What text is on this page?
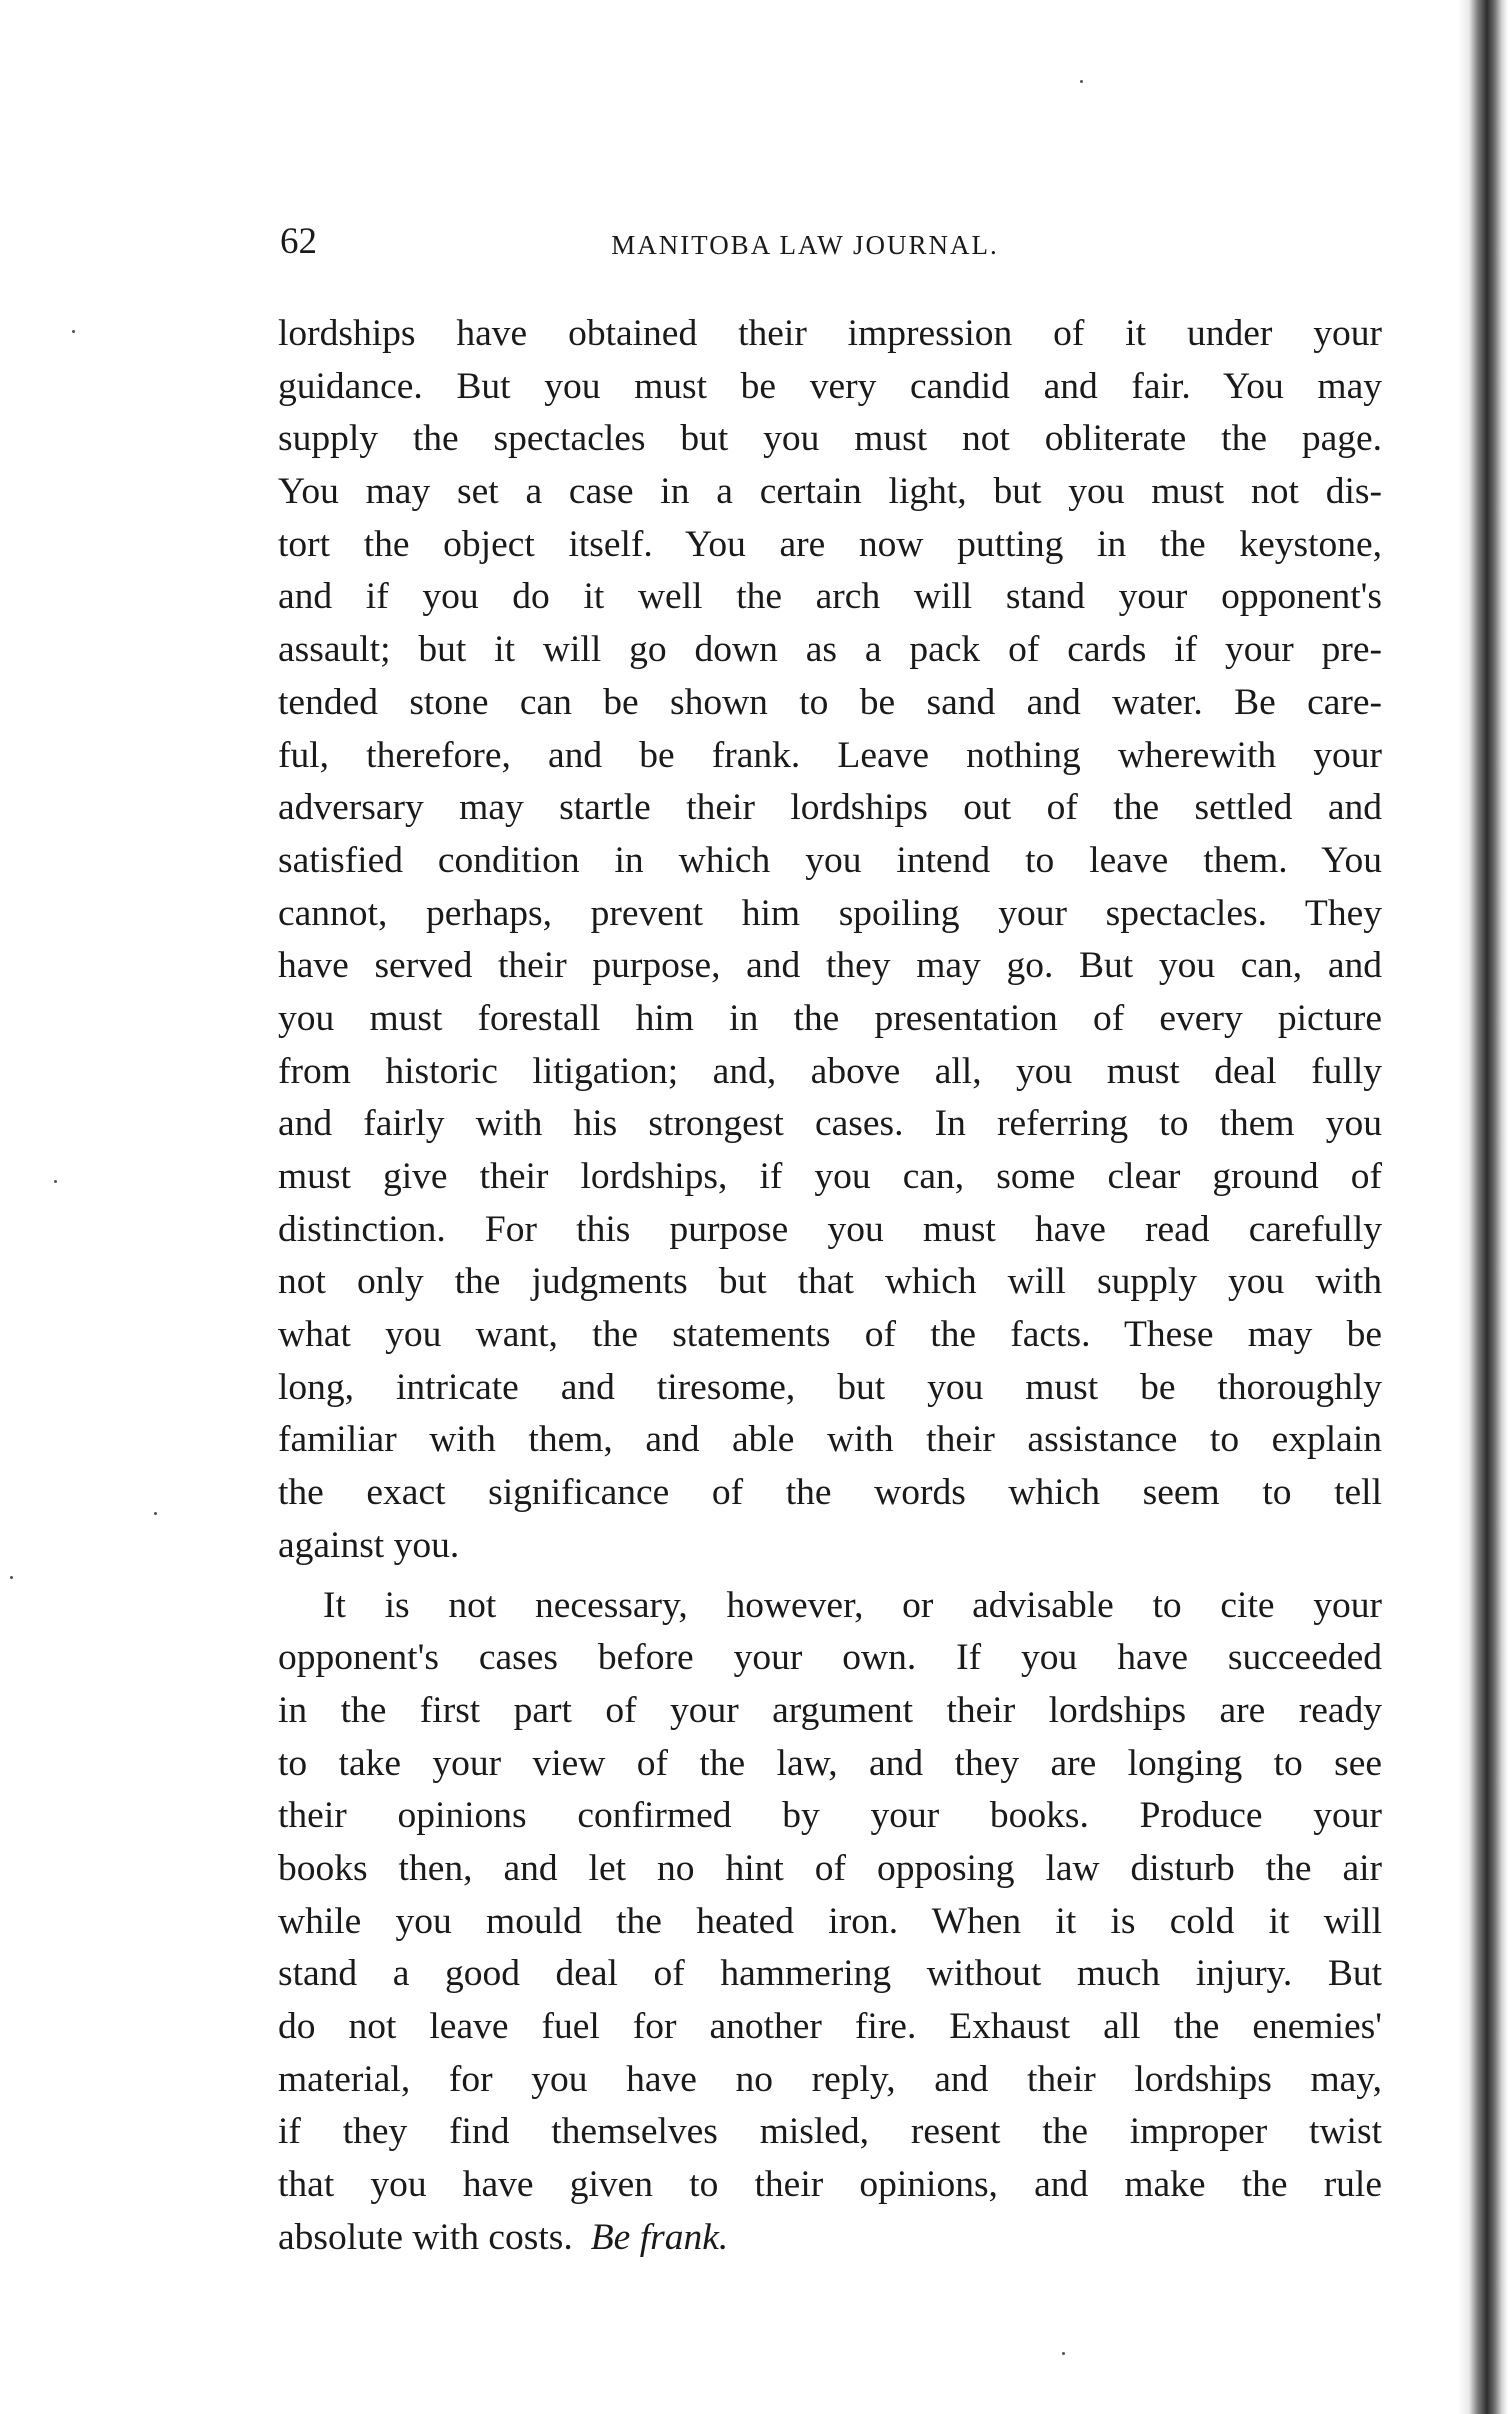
62	MANITOBA LAW JOURNAL.
lordships have obtained their impression of it under your
guidance. But you must be very candid and fair. You may
supply the spectacles but you must not obliterate the page.
You may set a case in a certain light, but you must not dis-
tort the object itself. You are now putting in the keystone,
and if you do it well the arch will stand your opponent's
assault; but it will go down as a pack of cards if your pre-
tended stone can be shown to be sand and water. Be care-
ful, therefore, and be frank. Leave nothing wherewith your
adversary may startle their lordships out of the settled and
satisfied condition in which you intend to leave them. You
cannot, perhaps, prevent him spoiling your spectacles. They
have served their purpose, and they may go. But you can, and
you must forestall him in the presentation of every picture
from historic litigation; and, above all, you must deal fully
and fairly with his strongest cases. In referring to them you
must give their lordships, if you can, some clear ground of
distinction. For this purpose you must have read carefully
not only the judgments but that which will supply you with
what you want, the statements of the facts. These may be
long, intricate and tiresome, but you must be thoroughly
familiar with them, and able with their assistance to explain
the exact significance of the words which seem to tell
against you.
It is not necessary, however, or advisable to cite your
opponent's cases before your own. If you have succeeded
in the first part of your argument their lordships are ready
to take your view of the law, and they are longing to see
their opinions confirmed by your books. Produce your
books then, and let no hint of opposing law disturb the air
while you mould the heated iron. When it is cold it will
stand a good deal of hammering without much injury. But
do not leave fuel for another fire. Exhaust all the enemies'
material, for you have no reply, and their lordships may,
if they find themselves misled, resent the improper twist
that you have given to their opinions, and make the rule
absolute with costs. Be frank.
